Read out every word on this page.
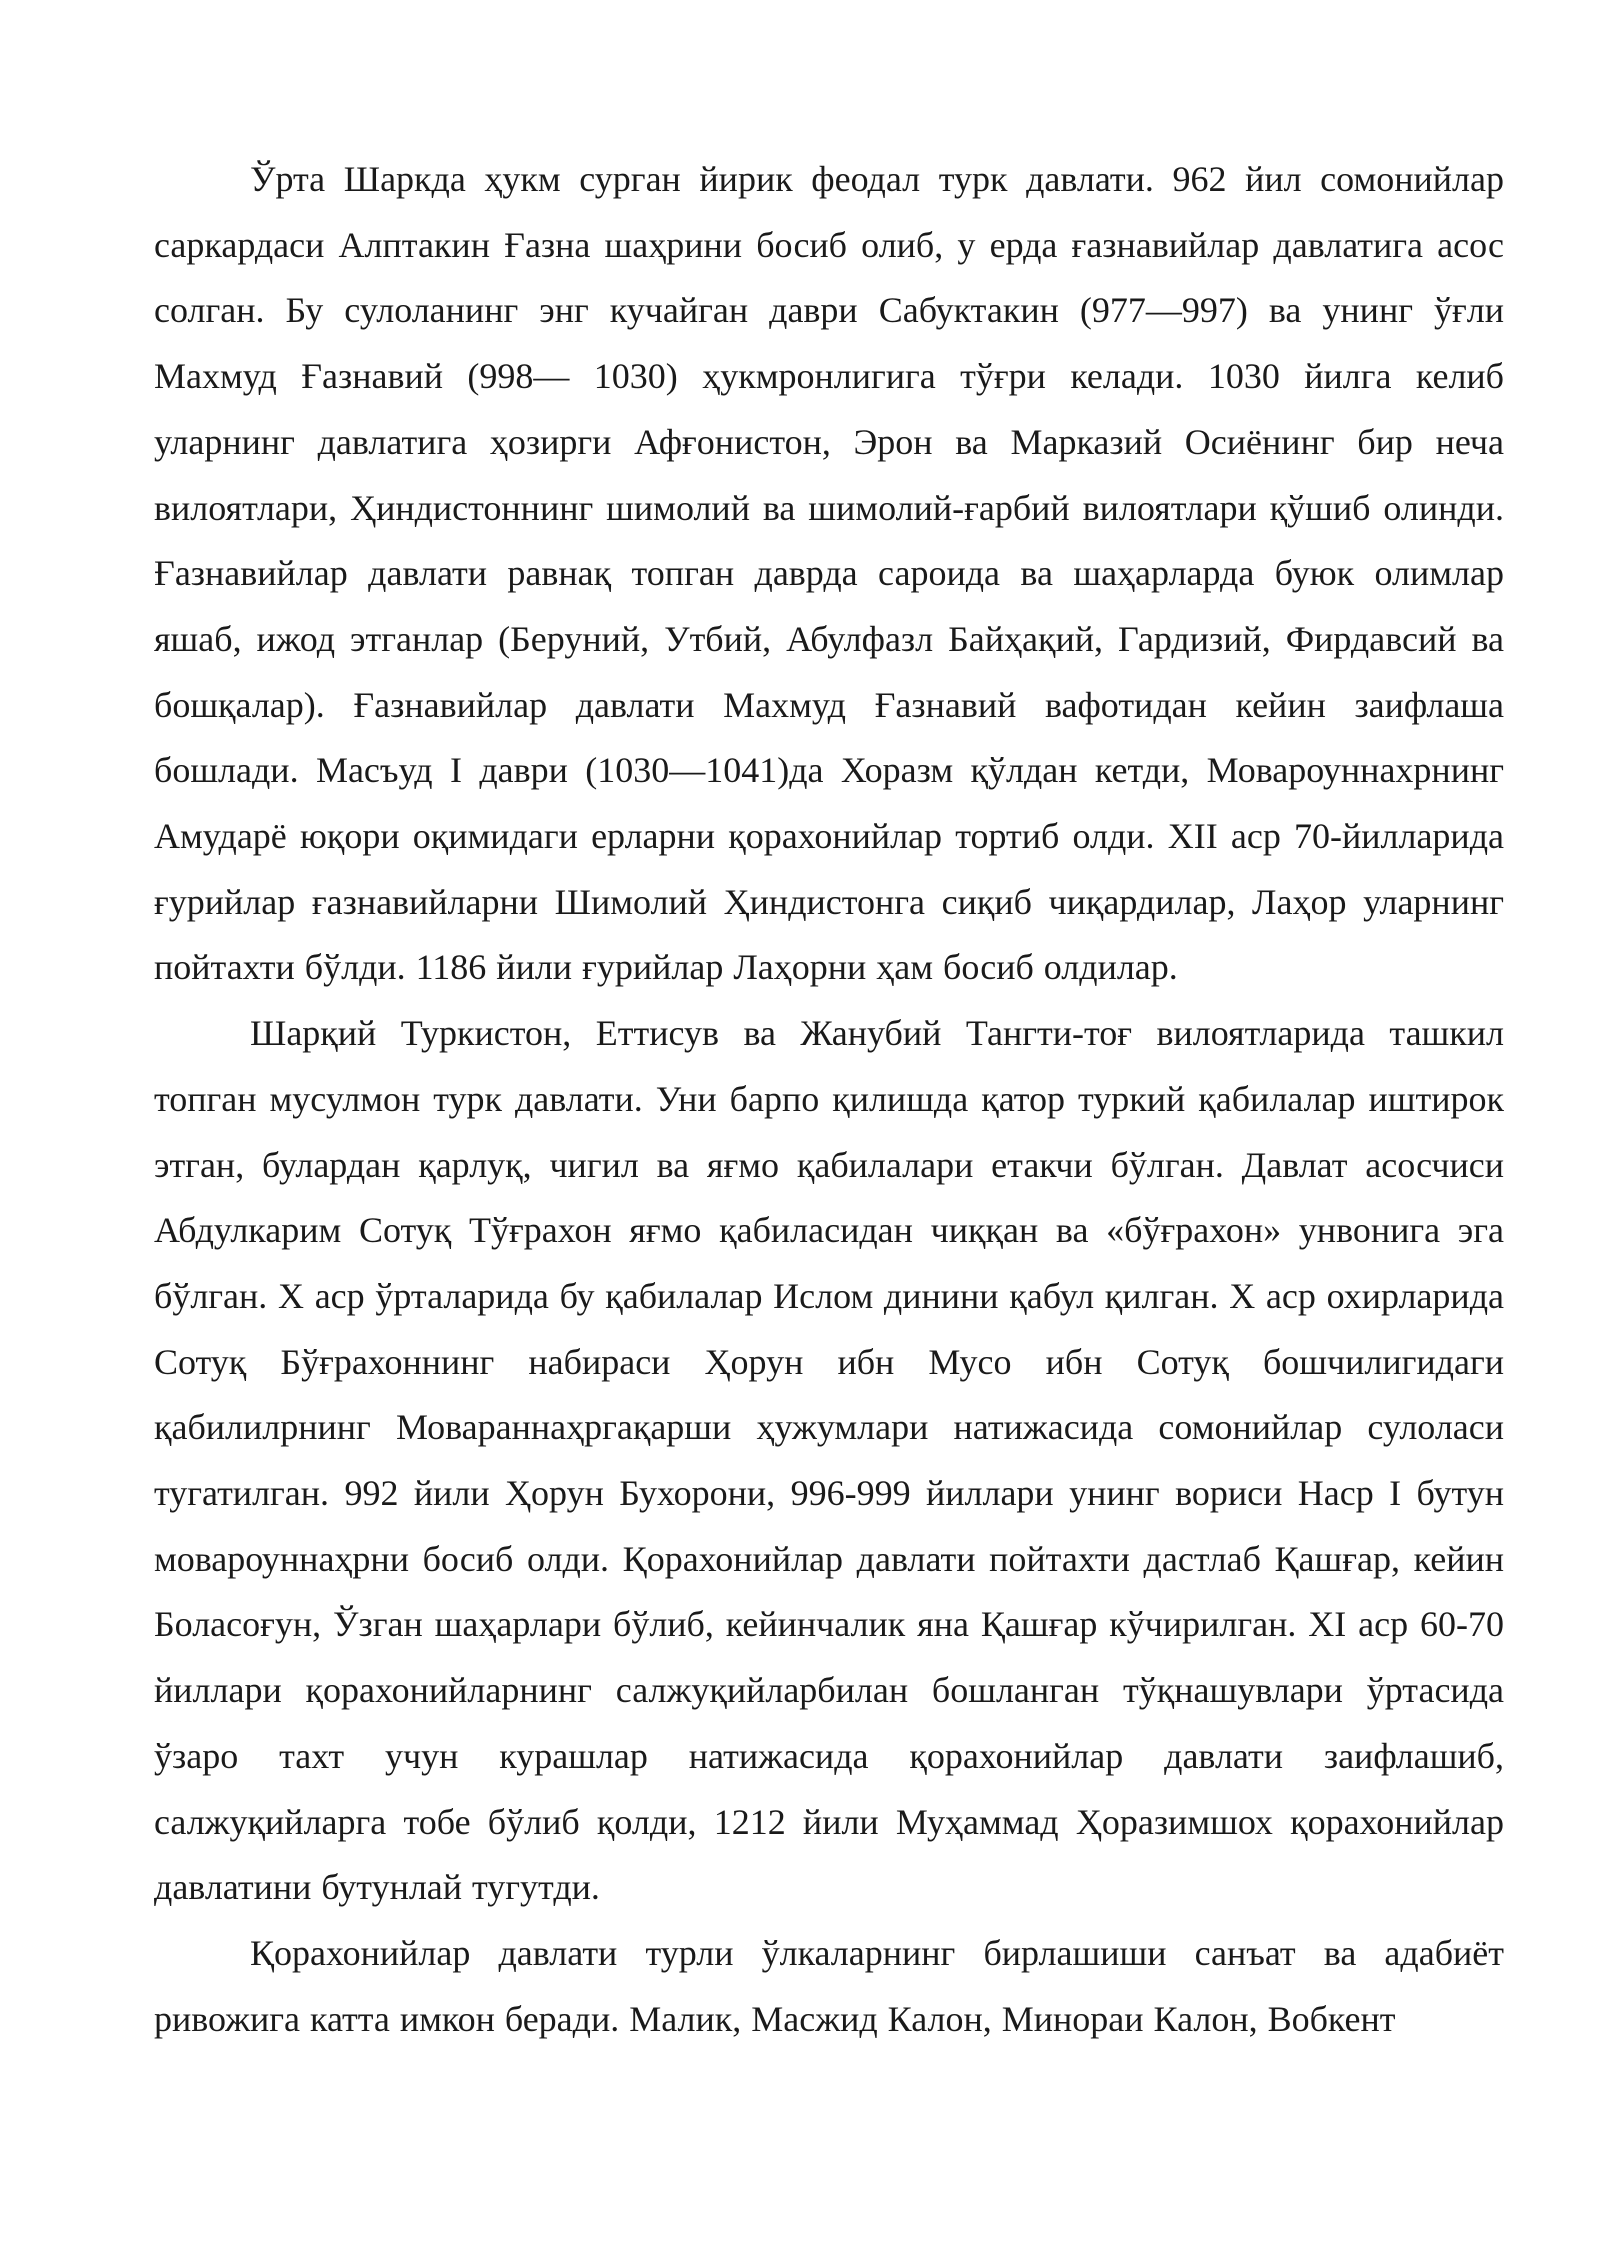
Ўрта Шаркда ҳукм сурган йирик феодал турк давлати. 962 йил сомонийлар саркардаси Алптакин Ғазна шаҳрини босиб олиб, у ерда ғазнавийлар давлатига асос солган. Бу сулоланинг энг кучайган даври Сабуктакин (977—997) ва унинг ўғли Махмуд Ғазнавий (998— 1030) ҳукмронлигига тўғри келади. 1030 йилга келиб уларнинг давлатига ҳозирги Афғонистон, Эрон ва Марказий Осиёнинг бир неча вилоятлари, Ҳиндистоннинг шимолий ва шимолий-ғарбий вилоятлари қўшиб олинди. Ғазнавийлар давлати равнақ топган даврда сароида ва шаҳарларда буюк олимлар яшаб, ижод этганлар (Беруний, Утбий, Абулфазл Байҳақий, Гардизий, Фирдавсий ва бошқалар). Ғазнавийлар давлати Махмуд Ғазнавий вафотидан кейин заифлаша бошлади. Масъуд I даври (1030—1041)да Хоразм қўлдан кетди, Мовароуннахрнинг Амударё юқори оқимидаги ерларни қорахонийлар тортиб олди. XII аср 70-йилларида ғурийлар ғазнавийларни Шимолий Ҳиндистонга сиқиб чиқардилар, Лаҳор уларнинг пойтахти бўлди. 1186 йили ғурийлар Лаҳорни ҳам босиб олдилар.

Шарқий Туркистон, Еттисув ва Жанубий Тангти-тоғ вилоятларида ташкил топган мусулмон турк давлати. Уни барпо қилишда қатор туркий қабилалар иштирок этган, булардан қарлуқ, чигил ва яғмо қабилалари етакчи бўлган. Давлат асосчиси Абдулкарим Сотуқ Тўғрахон яғмо қабиласидан чиққан ва «бўғрахон» унвонига эга бўлган. X аср ўрталарида бу қабилалар Ислом динини қабул қилган. X аср охирларида Сотуқ Бўғрахоннинг набираси Ҳорун ибн Мусо ибн Сотуқ бошчилигидаги қабилилрнинг Мовараннаҳргақарши ҳужумлари натижасида сомонийлар сулоласи тугатилган. 992 йили Ҳорун Бухорони, 996-999 йиллари унинг вориси Наср I бутун мовароуннаҳрни босиб олди. Қорахонийлар давлати пойтахти дастлаб Қашғар, кейин Боласоғун, Ўзган шаҳарлари бўлиб, кейинчалик яна Қашғар кўчирилган. XI аср 60-70 йиллари қорахонийларнинг салжуқийларбилан бошланган тўқнашувлари ўртасида ўзаро тахт учун курашлар натижасида қорахонийлар давлати заифлашиб, салжуқийларга тобе бўлиб қолди, 1212 йили Муҳаммад Ҳоразимшох қорахонийлар давлатини бутунлай тугутди.

Қорахонийлар давлати турли ўлкаларнинг бирлашиши санъат ва адабиёт ривожига катта имкон беради. Малик, Масжид Калон, Минораи Калон, Вобкент
